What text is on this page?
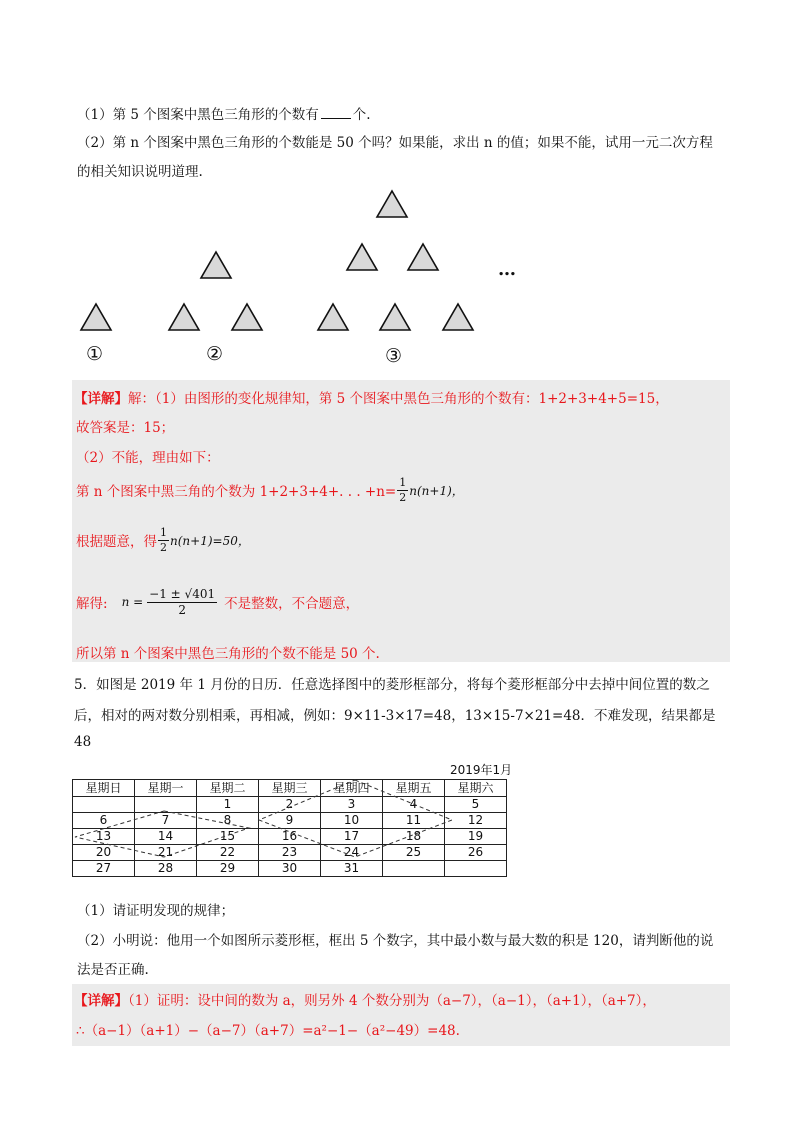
（1）第 5 个图案中黑色三角形的个数有	个.
（2）第 n 个图案中黑色三角形的个数能是 50 个吗？如果能，求出 n 的值；如果不能，试用一元二次方程
的相关知识说明道理.
…
①	②	③
【详解】解：（1）由图形的变化规律知，第 5 个图案中黑色三角形的个数有：1+2+3+4+5=15，
故答案是：15；
（2）不能，理由如下：
第 n 个图案中黑三角的个数为 1+2+3+4+. . . $+n= \frac{1}{2} n(n+1)$，
根据题意，得 $\frac{1}{2} n(n+1)=50$，
解得: $n = \frac{-1 \pm √401}{2}$ 不是整数，不合题意，
所以第 n 个图案中黑色三角形的个数不能是 50 个.
5．如图是 2019 年 1 月份的日历．任意选择图中的菱形框部分，将每个菱形框部分中去掉中间位置的数之
后，相对的两对数分别相乘，再相减，例如：9×11-3×17=48，13×15-7×21=48．不难发现，结果都是
48
2019年1月
星期日	星期一	星期二	星期三	星期四	星期五	星期六
		1	2	3	4	5
6	7	8	9	10	11	12
13	14	15	16	17	18	19
20	21	22	23	24	25	26
27	28	29	30	31		
（1）请证明发现的规律；
（2）小明说：他用一个如图所示菱形框，框出 5 个数字，其中最小数与最大数的积是 120，请判断他的说
法是否正确.
【详解】（1）证明：设中间的数为 a，则另外 4 个数分别为（a−7），（a−1），（a+1），（a+7），
∴（a−1）（a+1）−（a−7）（a+7）=a²−1−（a²−49）=48.
